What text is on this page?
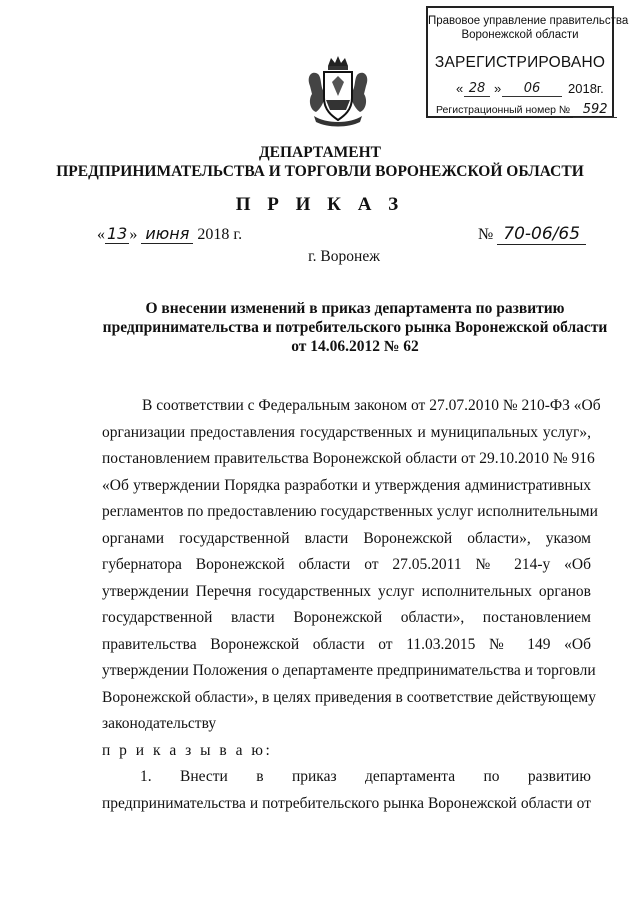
Правовое управление правительства
Воронежской области
ЗАРЕГИСТРИРОВАНО
« 28 »	06	2018г.
Регистрационный номер № 592
ДЕПАРТАМЕНТ
ПРЕДПРИНИМАТЕЛЬСТВА И ТОРГОВЛИ ВОРОНЕЖСКОЙ ОБЛАСТИ
П Р И К А З
« 13 » июня 2018 г.	№ 70-06/65
г. Воронеж
О внесении изменений в приказ департамента по развитию
предпринимательства и потребительского рынка Воронежской области
от 14.06.2012 № 62
В соответствии с Федеральным законом от 27.07.2010 № 210-ФЗ «Об
организации предоставления государственных и муниципальных услуг»,
постановлением правительства Воронежской области от 29.10.2010 № 916
«Об утверждении Порядка разработки и утверждения административных
регламентов по предоставлению государственных услуг исполнительными
органами государственной власти Воронежской области», указом
губернатора Воронежской области от 27.05.2011 № 214-у «Об
утверждении Перечня государственных услуг исполнительных органов
государственной власти Воронежской области», постановлением
правительства Воронежской области от 11.03.2015 № 149 «Об
утверждении Положения о департаменте предпринимательства и торговли
Воронежской области», в целях приведения в соответствие действующему
законодательству
п р и к а з ы в а ю:
1. Внести в приказ департамента по развитию
предпринимательства и потребительского рынка Воронежской области от
